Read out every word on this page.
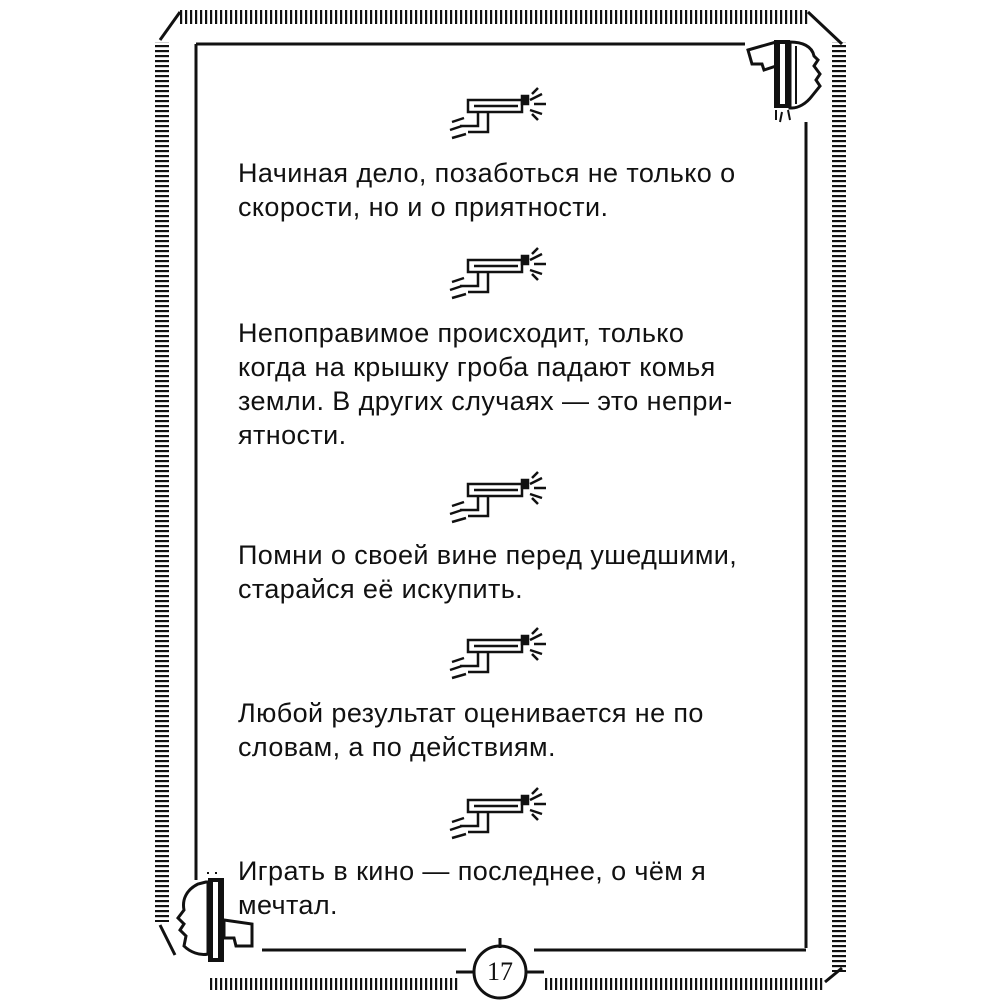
Начиная дело, позаботься не только о
скорости, но и о приятности.
Непоправимое происходит, только
когда на крышку гроба падают комья
земли. В других случаях — это непри-
ятности.
Помни о своей вине перед ушедшими,
старайся её искупить.
Любой результат оценивается не по
словам, а по действиям.
Играть в кино — последнее, о чём я
мечтал.
17
